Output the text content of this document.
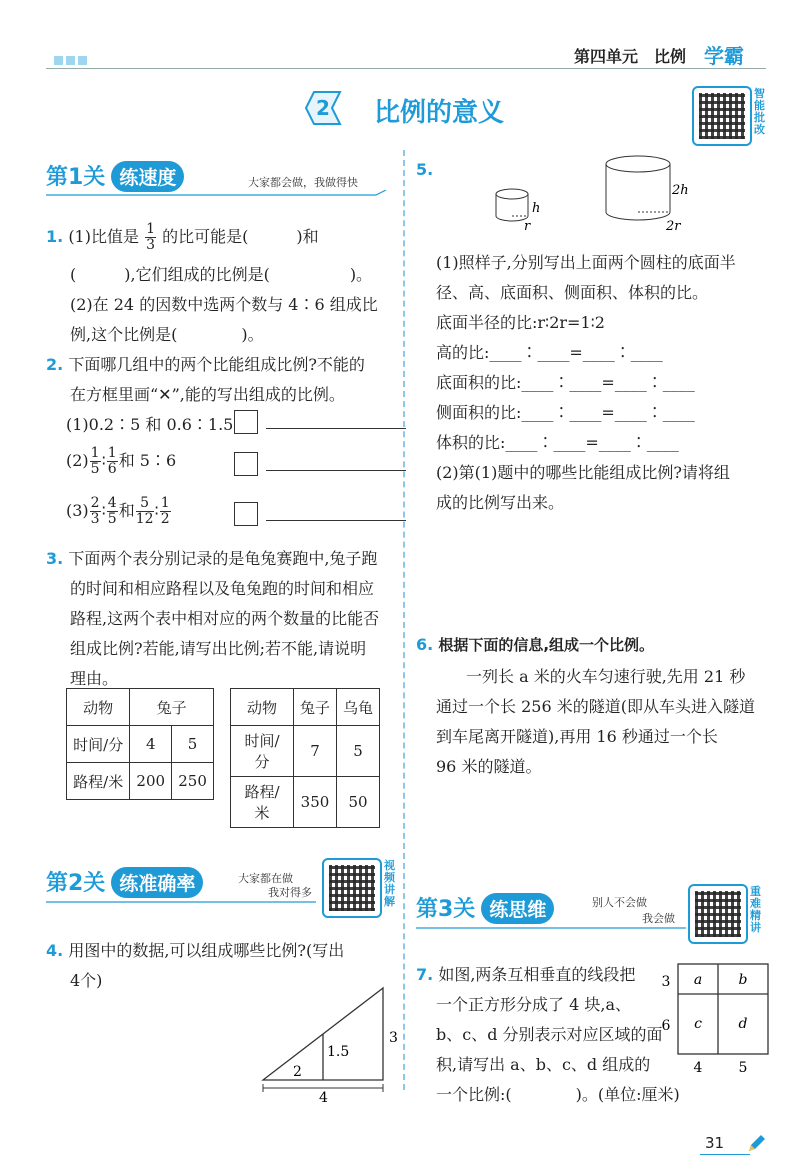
第四单元　比例 学霸
2 比例的意义
智能批改
第1关 练速度	大家都会做，我做得快
1. (1)比值是 $\frac{1}{3}$ 的比可能是(　　　)和
(　　　),它们组成的比例是(　　　　　)。
(2)在 24 的因数中选两个数与 4∶6 组成比
例,这个比例是(　　　　)。
2. 下面哪几组中的两个比能组成比例?不能的
在方框里画“✕”,能的写出组成的比例。
(1)0.2∶5 和 0.6∶1.5
$(2) \frac{1}{5}$ ∶ $\frac{1}{6}$ 和 5∶6
$(3) \frac{2}{3}$ ∶ $\frac{4}{5}$ 和 $\frac{5}{12}$ ∶ $\frac{1}{2}$
3. 下面两个表分别记录的是龟兔赛跑中,兔子跑
的时间和相应路程以及龟兔跑的时间和相应
路程,这两个表中相对应的两个数量的比能否
组成比例?若能,请写出比例;若不能,请说明
理由。
动物	兔子	
时间/分	4	5
路程/米	200	250
动物	兔子	乌龟
时间/分	7	5
路程/米	350	50
第2关 练准确率	大家都在做
我对得多
视频讲解
4. 用图中的数据,可以组成哪些比例?(写出
4个)
2
1.5
3
4
5.
h
r
2h
2r
(1)照样子,分别写出上面两个圆柱的底面半
径、高、底面积、侧面积、体积的比。
底面半径的比:r∶2r=1∶2
高的比:____∶____=____∶____
底面积的比:____∶____=____∶____
侧面积的比:____∶____=____∶____
体积的比:____∶____=____∶____
(2)第(1)题中的哪些比能组成比例?请将组
成的比例写出来。
6. 根据下面的信息,组成一个比例。
一列长 a 米的火车匀速行驶,先用 21 秒
通过一个长 256 米的隧道(即从车头进入隧道
到车尾离开隧道),再用 16 秒通过一个长
96 米的隧道。
第3关 练思维	别人不会做
我会做
重难精讲
7. 如图,两条互相垂直的线段把
一个正方形分成了 4 块,a、
b、c、d 分别表示对应区域的面
积,请写出 a、b、c、d 组成的
一个比例:(　　　　)。(单位:厘米)
a	b
c	d
3
6
4	5
31
